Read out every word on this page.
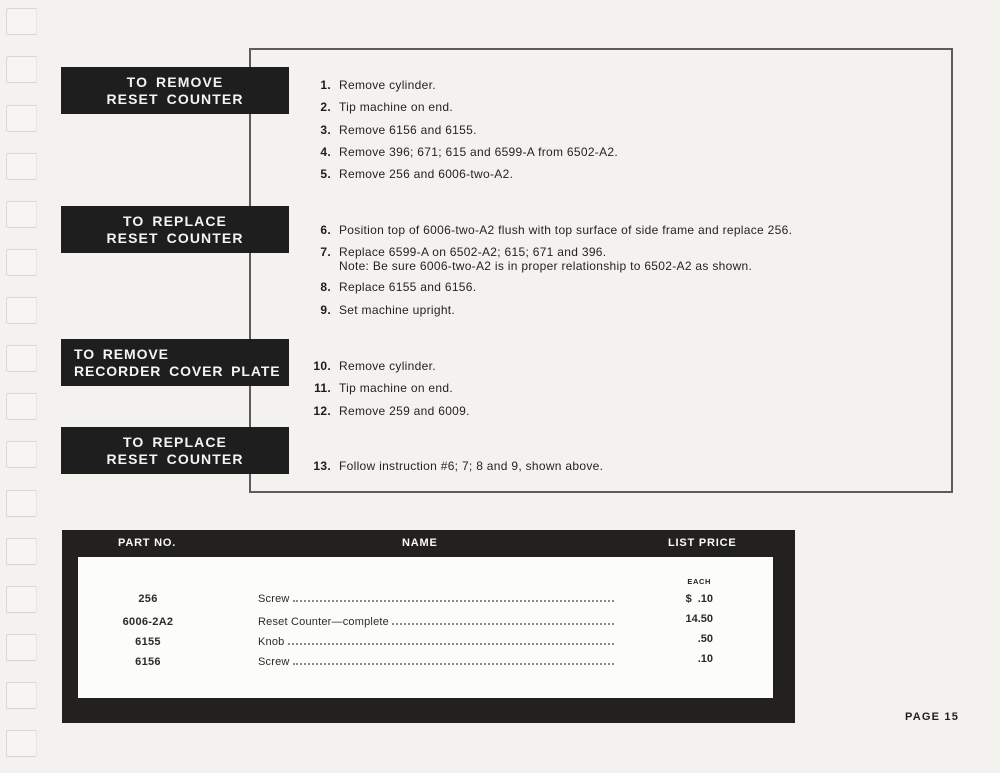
TO REMOVE
RESET COUNTER
TO REPLACE
RESET COUNTER
TO REMOVE
RECORDER COVER PLATE
TO REPLACE
RESET COUNTER
1. Remove cylinder.
2. Tip machine on end.
3. Remove 6156 and 6155.
4. Remove 396; 671; 615 and 6599-A from 6502-A2.
5. Remove 256 and 6006-two-A2.
6. Position top of 6006-two-A2 flush with top surface of side frame and replace 256.
7. Replace 6599-A on 6502-A2; 615; 671 and 396.
Note: Be sure 6006-two-A2 is in proper relationship to 6502-A2 as shown.
8. Replace 6155 and 6156.
9. Set machine upright.
10. Remove cylinder.
11. Tip machine on end.
12. Remove 259 and 6009.
13. Follow instruction #6; 7; 8 and 9, shown above.
PART NO.	NAME	LIST PRICE
EACH
256	Screw	$ .10
6006-2A2	Reset Counter—complete	14.50
6155	Knob	.50
6156	Screw	.10
PAGE 15
